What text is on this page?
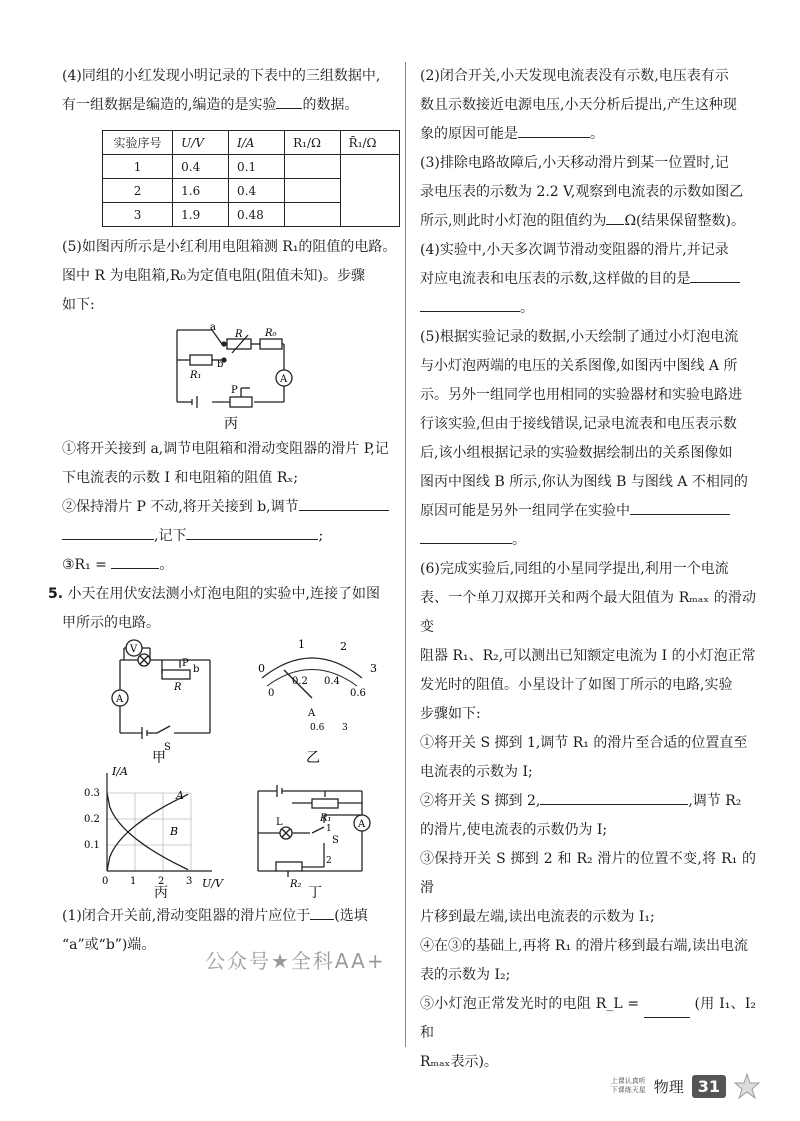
(4)同组的小红发现小明记录的下表中的三组数据中,

有一组数据是编造的,编造的是实验 的数据。

实验序号	U/V	I/A	R₁/Ω	R̄₁/Ω
1	0.4	0.1		
2	1.6	0.4		
3	1.9	0.48		

(5)如图丙所示是小红利用电阻箱测 R₁的阻值的电路。

图中 R 为电阻箱,R₀为定值电阻(阻值未知)。步骤

如下:

a
b
R R₀
R₁
P
A
丙

①将开关接到 a,调节电阻箱和滑动变阻器的滑片 P,记

下电流表的示数 I 和电阻箱的阻值 Rₓ;

②保持滑片 P 不动,将开关接到 b,调节

,记下	;

③R₁ =	。

5. 小天在用伏安法测小灯泡电阻的实验中,连接了如图

甲所示的电路。

V
A
P
b
R
S
甲
0
1	2
3
0
0.2 0.4
0.6
A
0.6 3
乙
I/A
U/V
0.1
0.2
0.3
0 1 2 3
A
B
丙
R₁
R₂
L
S
1
2
A
丁

(1)闭合开关前,滑动变阻器的滑片应位于 (选填

“a”或“b”)端。

(2)闭合开关,小天发现电流表没有示数,电压表有示

数且示数接近电源电压,小天分析后提出,产生这种现

象的原因可能是	。

(3)排除电路故障后,小天移动滑片到某一位置时,记

录电压表的示数为 2.2 V,观察到电流表的示数如图乙

所示,则此时小灯泡的阻值约为 Ω(结果保留整数)。

(4)实验中,小天多次调节滑动变阻器的滑片,并记录

对应电流表和电压表的示数,这样做的目的是

。

(5)根据实验记录的数据,小天绘制了通过小灯泡电流

与小灯泡两端的电压的关系图像,如图丙中图线 A 所

示。另外一组同学也用相同的实验器材和实验电路进

行该实验,但由于接线错误,记录电流表和电压表示数

后,该小组根据记录的实验数据绘制出的关系图像如

图丙中图线 B 所示,你认为图线 B 与图线 A 不相同的

原因可能是另外一组同学在实验中

。

(6)完成实验后,同组的小星同学提出,利用一个电流

表、一个单刀双掷开关和两个最大阻值为 Rₘₐₓ 的滑动变

阻器 R₁、R₂,可以测出已知额定电流为 I 的小灯泡正常

发光时的阻值。小星设计了如图丁所示的电路,实验

步骤如下:

①将开关 S 掷到 1,调节 R₁ 的滑片至合适的位置直至

电流表的示数为 I;

②将开关 S 掷到 2,	,调节 R₂

的滑片,使电流表的示数仍为 I;

③保持开关 S 掷到 2 和 R₂ 滑片的位置不变,将 R₁ 的滑

片移到最左端,读出电流表的示数为 I₁;

④在③的基础上,再将 R₁ 的滑片移到最右端,读出电流

表的示数为 I₂;

⑤小灯泡正常发光时的电阻 R_L =	(用 I₁、I₂ 和

Rₘₐₓ表示)。

公众号★全科AA+
上课认真听
下课练天星 物理 31
